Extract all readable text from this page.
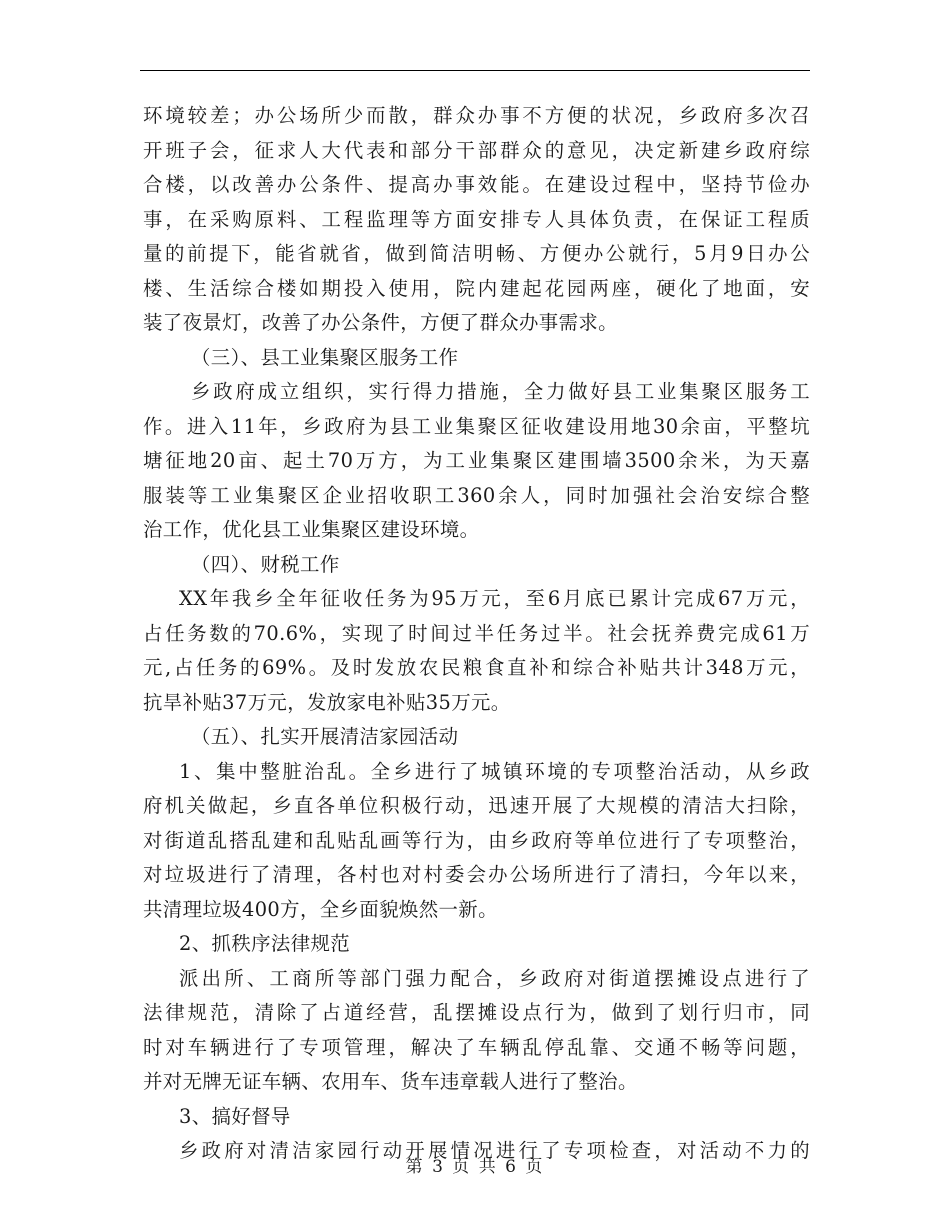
环境较差；办公场所少而散，群众办事不方便的状况，乡政府多次召
开班子会，征求人大代表和部分干部群众的意见，决定新建乡政府综
合楼，以改善办公条件、提高办事效能。在建设过程中，坚持节俭办
事，在采购原料、工程监理等方面安排专人具体负责，在保证工程质
量的前提下，能省就省，做到简洁明畅、方便办公就行，5月9日办公
楼、生活综合楼如期投入使用，院内建起花园两座，硬化了地面，安
装了夜景灯，改善了办公条件，方便了群众办事需求。
（三）、县工业集聚区服务工作
乡政府成立组织，实行得力措施，全力做好县工业集聚区服务工
作。进入11年，乡政府为县工业集聚区征收建设用地30余亩，平整坑
塘征地20亩、起土70万方，为工业集聚区建围墙3500余米，为天嘉
服装等工业集聚区企业招收职工360余人，同时加强社会治安综合整
治工作，优化县工业集聚区建设环境。
（四）、财税工作
XX年我乡全年征收任务为95万元，至6月底已累计完成67万元，
占任务数的70.6%，实现了时间过半任务过半。社会抚养费完成61万
元,占任务的69%。及时发放农民粮食直补和综合补贴共计348万元，
抗旱补贴37万元，发放家电补贴35万元。
（五）、扎实开展清洁家园活动
1、集中整脏治乱。全乡进行了城镇环境的专项整治活动，从乡政
府机关做起，乡直各单位积极行动，迅速开展了大规模的清洁大扫除，
对街道乱搭乱建和乱贴乱画等行为，由乡政府等单位进行了专项整治，
对垃圾进行了清理，各村也对村委会办公场所进行了清扫，今年以来，
共清理垃圾400方，全乡面貌焕然一新。
2、抓秩序法律规范
派出所、工商所等部门强力配合，乡政府对街道摆摊设点进行了
法律规范，清除了占道经营，乱摆摊设点行为，做到了划行归市，同
时对车辆进行了专项管理，解决了车辆乱停乱靠、交通不畅等问题，
并对无牌无证车辆、农用车、货车违章载人进行了整治。
3、搞好督导
乡政府对清洁家园行动开展情况进行了专项检查，对活动不力的
第 3 页 共 6 页
